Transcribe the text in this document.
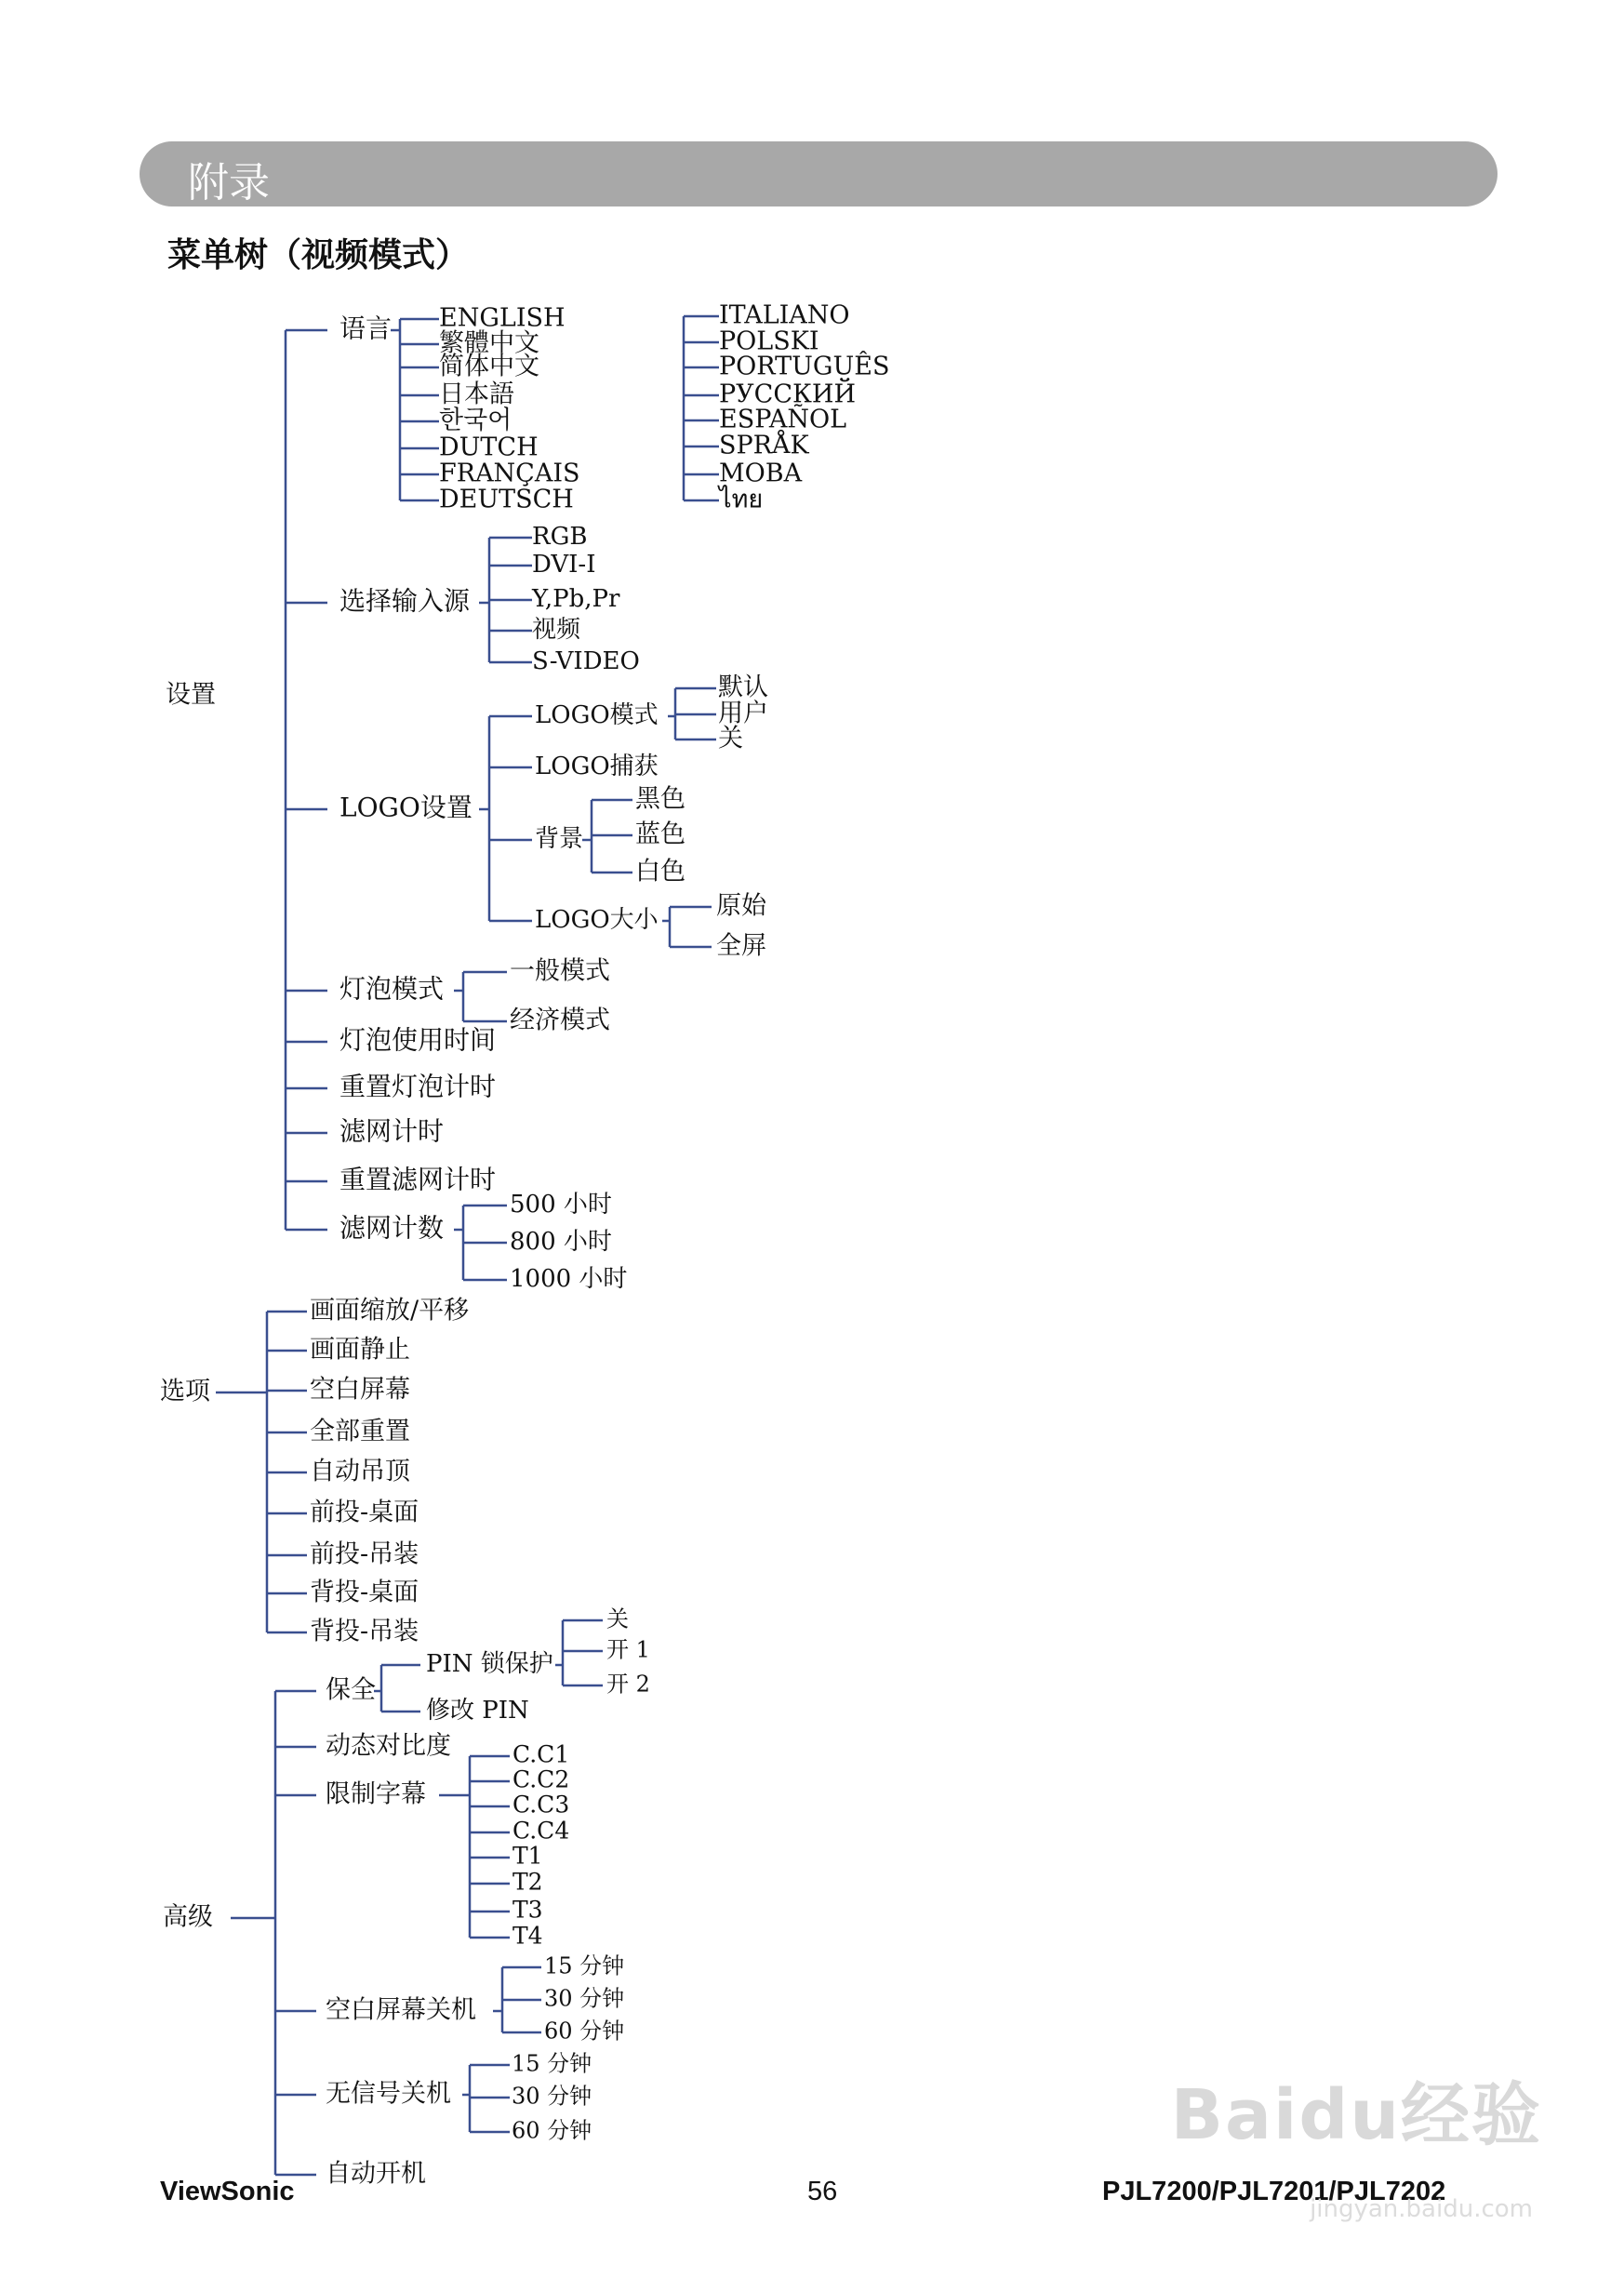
附录
菜单树（视频模式）
设置
语言
选择输入源
LOGO设置
灯泡模式
灯泡使用时间
重置灯泡计时
滤网计时
重置滤网计时
滤网计数
ENGLISH
繁體中文
简体中文
日本語
한국어
DUTCH
FRANÇAIS
DEUTSCH
ITALIANO
POLSKI
PORTUGUÊS
РУССКИЙ
ESPAÑOL
SPRÅK
MOBA
ไทย
RGB
DVI-I
Y,Pb,Pr
视频
S-VIDEO
LOGO模式
LOGO捕获
背景
LOGO大小
默认
用户
关
黑色
蓝色
白色
原始
全屏
一般模式
经济模式
500 小时
800 小时
1000 小时
选项
画面缩放/平移
画面静止
空白屏幕
全部重置
自动吊顶
前投-桌面
前投-吊装
背投-桌面
背投-吊装
高级
保全
动态对比度
限制字幕
空白屏幕关机
无信号关机
自动开机
PIN 锁保护
修改 PIN
关
开 1
开 2
C.C1
C.C2
C.C3
C.C4
T1
T2
T3
T4
15 分钟
30 分钟
60 分钟
15 分钟
30 分钟
60 分钟
ViewSonic	56	PJL7200/PJL7201/PJL7202
Baidu经验
jingyan.baidu.com
